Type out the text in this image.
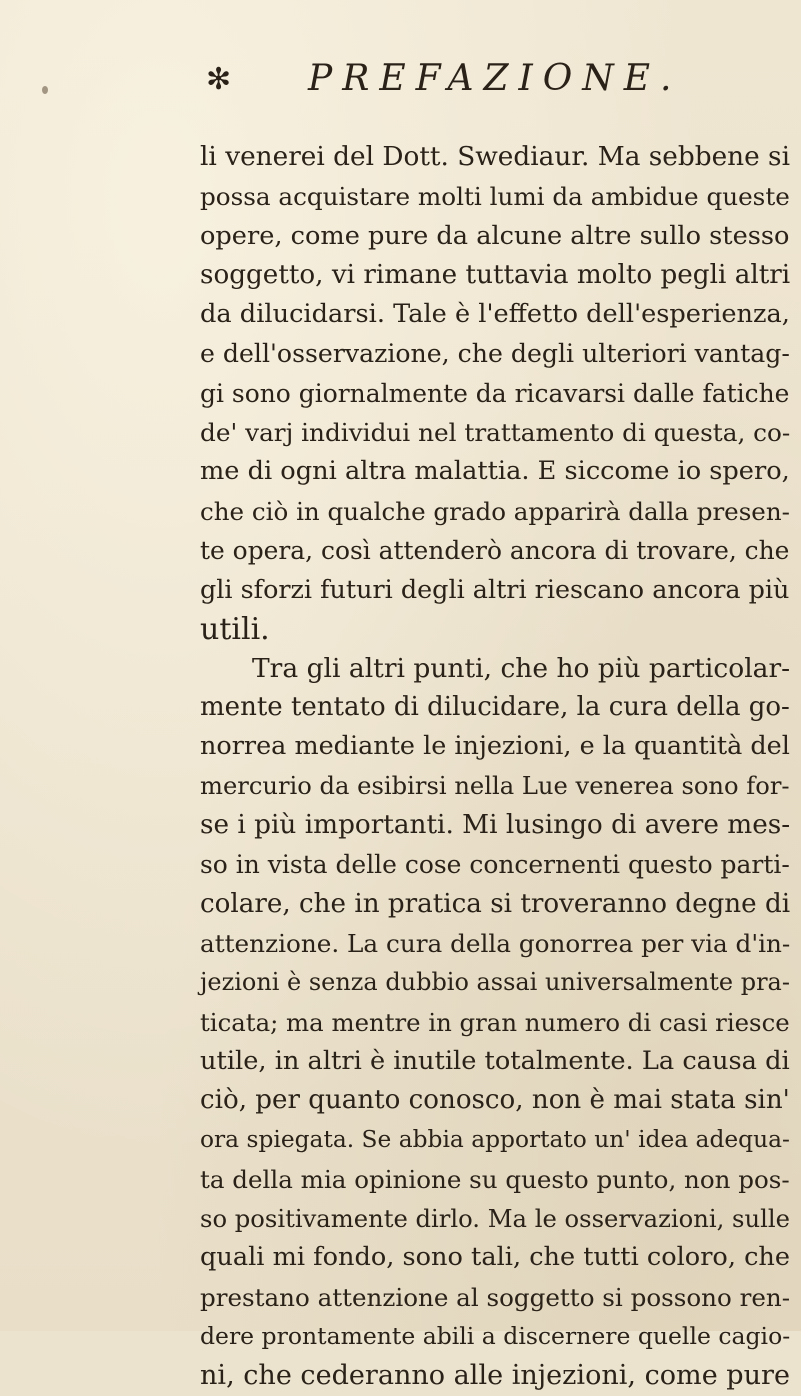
✻ PREFAZIONE.
li venerei del Dott. Swediaur. Ma sebbene si
possa acquistare molti lumi da ambidue queste
opere, come pure da alcune altre sullo stesso
soggetto, vi rimane tuttavia molto pegli altri
da dilucidarsi. Tale è l'effetto dell'esperienza,
e dell'osservazione, che degli ulteriori vantag-
gi sono giornalmente da ricavarsi dalle fatiche
de' varj individui nel trattamento di questa, co-
me di ogni altra malattia. E siccome io spero,
che ciò in qualche grado apparirà dalla presen-
te opera, così attenderò ancora di trovare, che
gli sforzi futuri degli altri riescano ancora più
utili.
Tra gli altri punti, che ho più particolar-
mente tentato di dilucidare, la cura della go-
norrea mediante le injezioni, e la quantità del
mercurio da esibirsi nella Lue venerea sono for-
se i più importanti. Mi lusingo di avere mes-
so in vista delle cose concernenti questo parti-
colare, che in pratica si troveranno degne di
attenzione. La cura della gonorrea per via d'in-
jezioni è senza dubbio assai universalmente pra-
ticata; ma mentre in gran numero di casi riesce
utile, in altri è inutile totalmente. La causa di
ciò, per quanto conosco, non è mai stata sin'
ora spiegata. Se abbia apportato un' idea adequa-
ta della mia opinione su questo punto, non pos-
so positivamente dirlo. Ma le osservazioni, sulle
quali mi fondo, sono tali, che tutti coloro, che
prestano attenzione al soggetto si possono ren-
dere prontamente abili a discernere quelle cagio-
ni, che cederanno alle injezioni, come pure
